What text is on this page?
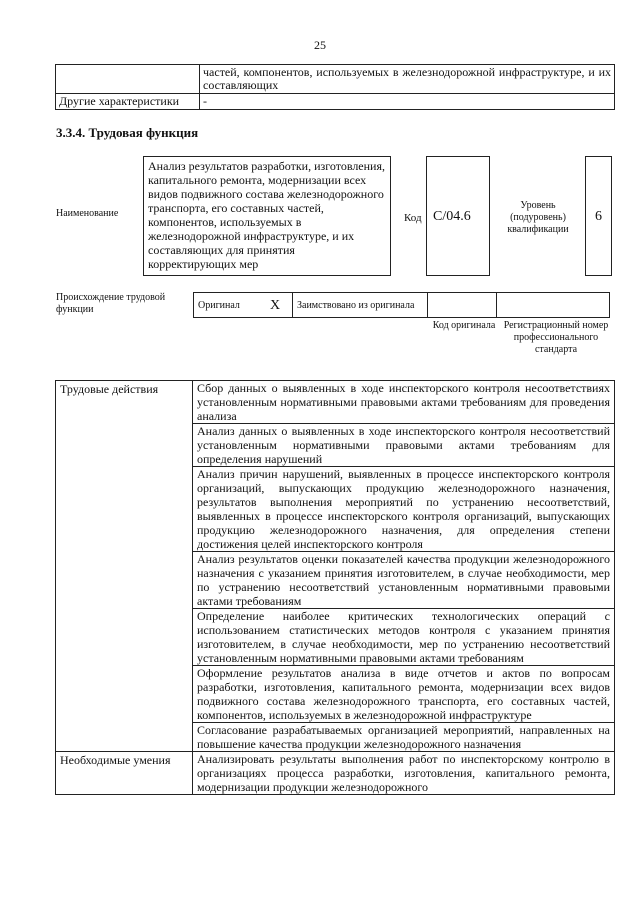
25
	частей, компонентов, используемых в железнодорожной инфраструктуре, и их составляющих
Другие характеристики	-
3.3.4. Трудовая функция
Наименование
Анализ результатов разработки, изготовления, капитального ремонта, модернизации всех видов подвижного состава железнодорожного транспорта, его составных частей, компонентов, используемых в железнодорожной инфраструктуре, и их составляющих для принятия корректирующих мер
Код C/04.6
Уровень (подуровень) квалификации
6
Происхождение трудовой функции	Оригинал	X	Заимствовано из оригинала		
Код оригинала Регистрационный номер профессионального стандарта
Трудовые действия	Сбор данных о выявленных в ходе инспекторского контроля несоответствиях установленным нормативными правовыми актами требованиям для проведения анализа
	Анализ данных о выявленных в ходе инспекторского контроля несоответствий установленным нормативными правовыми актами требованиям для определения нарушений
	Анализ причин нарушений, выявленных в процессе инспекторского контроля организаций, выпускающих продукцию железнодорожного назначения, результатов выполнения мероприятий по устранению несоответствий, выявленных в процессе инспекторского контроля организаций, выпускающих продукцию железнодорожного назначения, для определения степени достижения целей инспекторского контроля
	Анализ результатов оценки показателей качества продукции железнодорожного назначения с указанием принятия изготовителем, в случае необходимости, мер по устранению несоответствий установленным нормативными правовыми актами требованиям
	Определение наиболее критических технологических операций с использованием статистических методов контроля с указанием принятия изготовителем, в случае необходимости, мер по устранению несоответствий установленным нормативными правовыми актами требованиям
	Оформление результатов анализа в виде отчетов и актов по вопросам разработки, изготовления, капитального ремонта, модернизации всех видов подвижного состава железнодорожного транспорта, его составных частей, компонентов, используемых в железнодорожной инфраструктуре
	Согласование разрабатываемых организацией мероприятий, направленных на повышение качества продукции железнодорожного назначения
Необходимые умения	Анализировать результаты выполнения работ по инспекторскому контролю в организациях процесса разработки, изготовления, капитального ремонта, модернизации продукции железнодорожного
